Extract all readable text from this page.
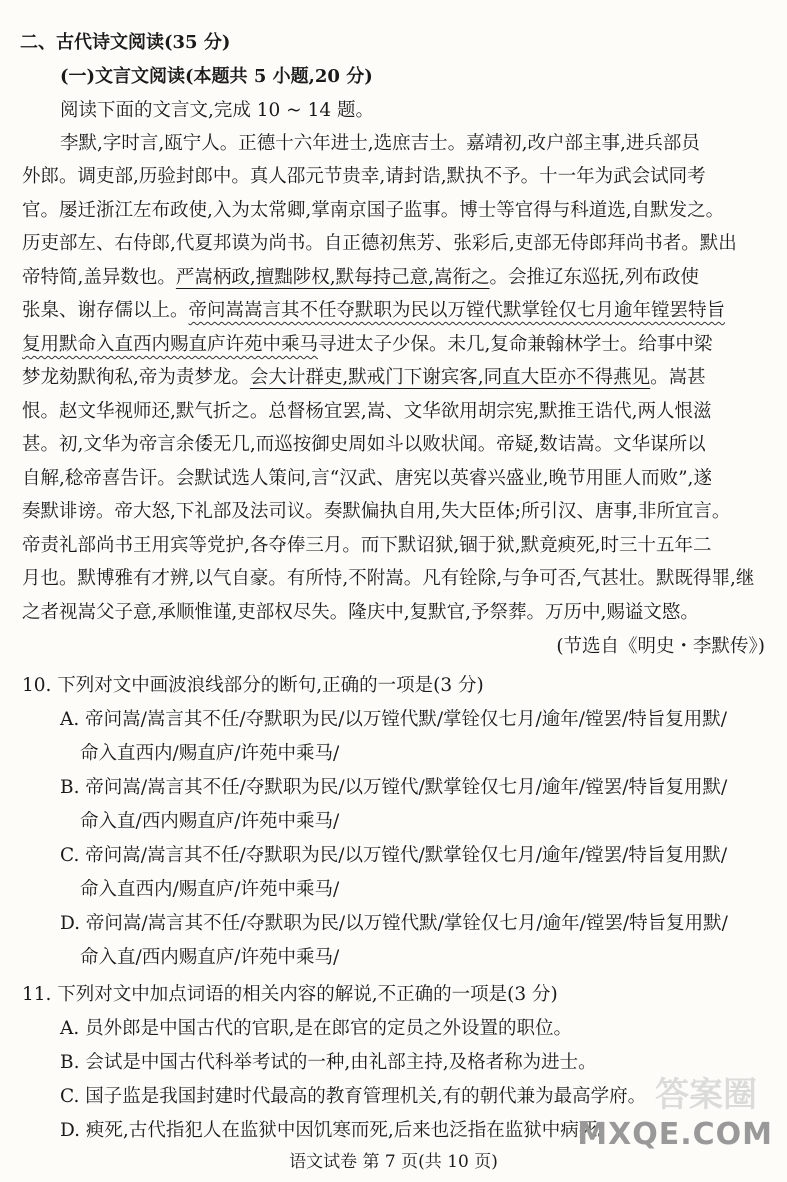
二、古代诗文阅读(35 分)
(一)文言文阅读(本题共 5 小题,20 分)
阅读下面的文言文,完成 10 ~ 14 题。
李默,字时言,瓯宁人。正德十六年进士,选庶吉士。嘉靖初,改户部主事,进兵部员
外郎。调吏部,历验封郎中。真人邵元节贵幸,请封诰,默执不予。十一年为武会试同考
官。屡迁浙江左布政使,入为太常卿,掌南京国子监事。博士等官得与科道选,自默发之。
历吏部左、右侍郎,代夏邦谟为尚书。自正德初焦芳、张彩后,吏部无侍郎拜尚书者。默出
帝特简,盖异数也。严嵩柄政,擅黜陟权,默每持己意,嵩衔之。会推辽东巡抚,列布政使
张臬、谢存儒以上。帝问嵩嵩言其不任夺默职为民以万镗代默掌铨仅七月逾年镗罢特旨
复用默命入直西内赐直庐许苑中乘马寻进太子少保。未几,复命兼翰林学士。给事中梁
梦龙劾默徇私,帝为责梦龙。会大计群吏,默戒门下谢宾客,同直大臣亦不得燕见。嵩甚
恨。赵文华视师还,默气折之。总督杨宜罢,嵩、文华欲用胡宗宪,默推王诰代,两人恨滋
甚。初,文华为帝言余倭无几,而巡按御史周如斗以败状闻。帝疑,数诘嵩。文华谋所以
自解,稔帝喜告讦。会默试选人策问,言“汉武、唐宪以英睿兴盛业,晚节用匪人而败”,遂
奏默诽谤。帝大怒,下礼部及法司议。奏默偏执自用,失大臣体;所引汉、唐事,非所宜言。
帝责礼部尚书王用宾等党护,各夺俸三月。而下默诏狱,锢于狱,默竟瘐死,时三十五年二
月也。默博雅有才辨,以气自豪。有所恃,不附嵩。凡有铨除,与争可否,气甚壮。默既得罪,继
之者视嵩父子意,承顺惟谨,吏部权尽失。隆庆中,复默官,予祭葬。万历中,赐谥文愍。
(节选自《明史・李默传》)
10. 下列对文中画波浪线部分的断句,正确的一项是(3 分)
A. 帝问嵩/嵩言其不任/夺默职为民/以万镗代默/掌铨仅七月/逾年/镗罢/特旨复用默/
命入直西内/赐直庐/许苑中乘马/
B. 帝问嵩/嵩言其不任/夺默职为民/以万镗代/默掌铨仅七月/逾年/镗罢/特旨复用默/
命入直/西内赐直庐/许苑中乘马/
C. 帝问嵩/嵩言其不任/夺默职为民/以万镗代/默掌铨仅七月/逾年/镗罢/特旨复用默/
命入直西内/赐直庐/许苑中乘马/
D. 帝问嵩/嵩言其不任/夺默职为民/以万镗代默/掌铨仅七月/逾年/镗罢/特旨复用默/
命入直/西内赐直庐/许苑中乘马/
11. 下列对文中加点词语的相关内容的解说,不正确的一项是(3 分)
A. 员外郎是中国古代的官职,是在郎官的定员之外设置的职位。
B. 会试是中国古代科举考试的一种,由礼部主持,及格者称为进士。
C. 国子监是我国封建时代最高的教育管理机关,有的朝代兼为最高学府。
D. 瘐死,古代指犯人在监狱中因饥寒而死,后来也泛指在监狱中病死。
语文试卷 第 7 页(共 10 页)
答案圈
MXQE.COM
